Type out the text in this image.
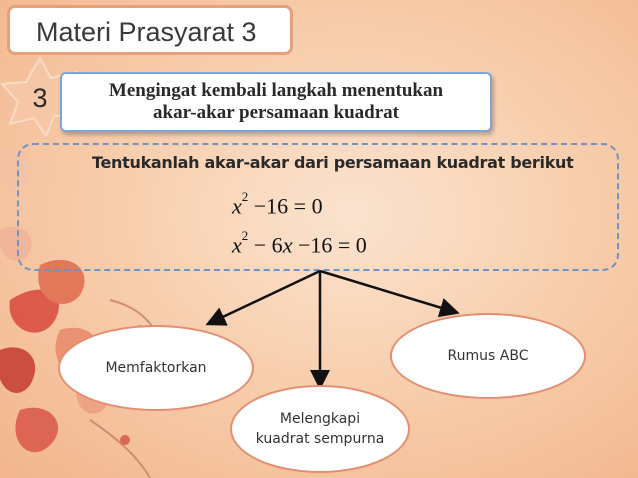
Materi Prasyarat 3
3	Mengingat kembali langkah menentukan
akar-akar persamaan kuadrat
Tentukanlah akar-akar dari persamaan kuadrat berikut
$x^2 -16 = 0$
$x^2 - 6x -16 = 0$
Memfaktorkan
Melengkapi
kuadrat sempurna
Rumus ABC
